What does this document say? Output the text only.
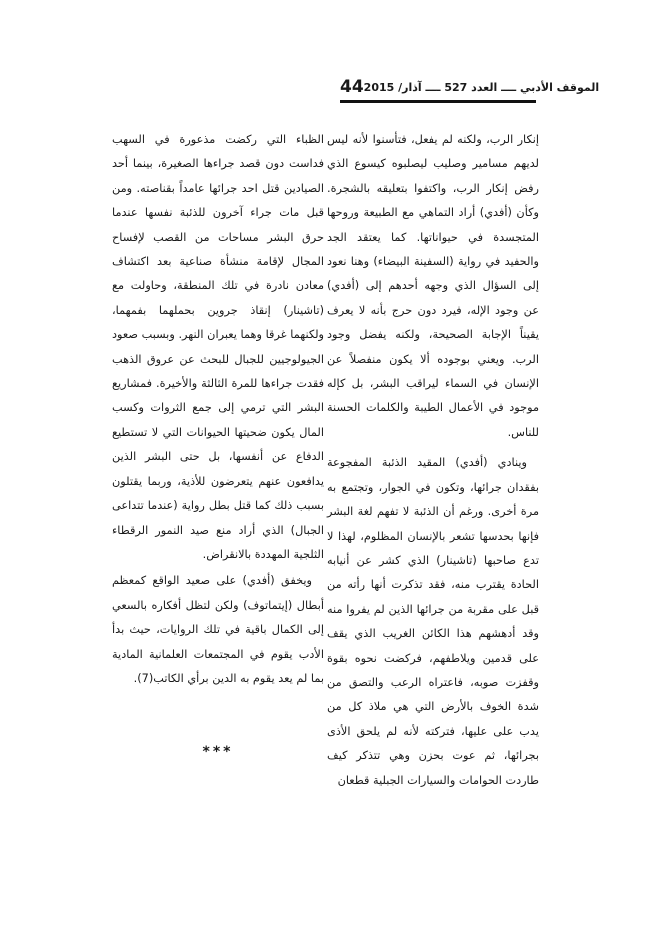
44 الموقف الأدبي ــــ العدد 527 ــــ آذار/ 2015

إنكار الرب، ولكنه لم يفعل، فتأسنوا لأنه ليس لديهم مسامير وصليب ليصلبوه كيسوع الذي رفض إنكار الرب، واكتفوا بتعليقه بالشجرة. وكأن (أفدي) أراد التماهي مع الطبيعة وروحها المتجسدة في حيواناتها. كما يعتقد الجد والحفيد في رواية (السفينة البيضاء) وهنا نعود إلى السؤال الذي وجهه أحدهم إلى (أفدي) عن وجود الإله، فيرد دون حرج بأنه لا يعرف يقيناً الإجابة الصحيحة، ولكنه يفضل وجود الرب. ويعني بوجوده ألا يكون منفصلاً عن الإنسان في السماء ليراقب البشر، بل كإله موجود في الأعمال الطيبة والكلمات الحسنة للناس.

وينادي (أفدي) المقيد الذئبة المفجوعة بفقدان جرائها، وتكون في الجوار، وتجتمع به مرة أخرى. ورغم أن الذئبة لا تفهم لغة البشر فإنها بحدسها تشعر بالإنسان المظلوم، لهذا لا تدع صاحبها (تاشينار) الذي كشر عن أنيابه الحادة يقترب منه، فقد تذكرت أنها رأته من قبل على مقربة من جرائها الذين لم يفروا منه وقد أدهشهم هذا الكائن الغريب الذي يقف على قدمين ويلاطفهم، فركضت نحوه بقوة وقفزت صوبه، فاعتراه الرعب والتصق من شدة الخوف بالأرض التي هي ملاذ كل من يدب على عليها، فتركته لأنه لم يلحق الأذى بجرائها، ثم عوت بحزن وهي تتذكر كيف طاردت الحوامات والسيارات الجبلية قطعان

الظباء التي ركضت مذعورة في السهب فداست دون قصد جراءها الصغيرة، بينما أحد الصيادين قتل احد جرائها عامداً بقناصته. ومن قبل مات جراء آخرون للذئبة نفسها عندما حرق البشر مساحات من القصب لإفساح المجال لإقامة منشأة صناعية بعد اكتشاف معادن نادرة في تلك المنطقة، وحاولت مع (تاشينار) إنقاذ جروين بحملهما بفمهما، ولكنهما غرقا وهما يعبران النهر. وبسبب صعود الجيولوجيين للجبال للبحث عن عروق الذهب فقدت جراءها للمرة الثالثة والأخيرة. فمشاريع البشر التي ترمي إلى جمع الثروات وكسب المال يكون ضحيتها الحيوانات التي لا تستطيع الدفاع عن أنفسها، بل حتى البشر الذين يدافعون عنهم يتعرضون للأذية، وربما يقتلون بسبب ذلك كما قتل بطل رواية (عندما تتداعى الجبال) الذي أراد منع صيد النمور الرقطاء الثلجية المهددة بالانقراض.

ويخفق (أفدي) على صعيد الواقع كمعظم أبطال (إيتماتوف) ولكن لتظل أفكاره بالسعي إلى الكمال باقية في تلك الروايات، حيث بدأ الأدب يقوم في المجتمعات العلمانية المادية بما لم يعد يقوم به الدين برأي الكاتب(7).

***
